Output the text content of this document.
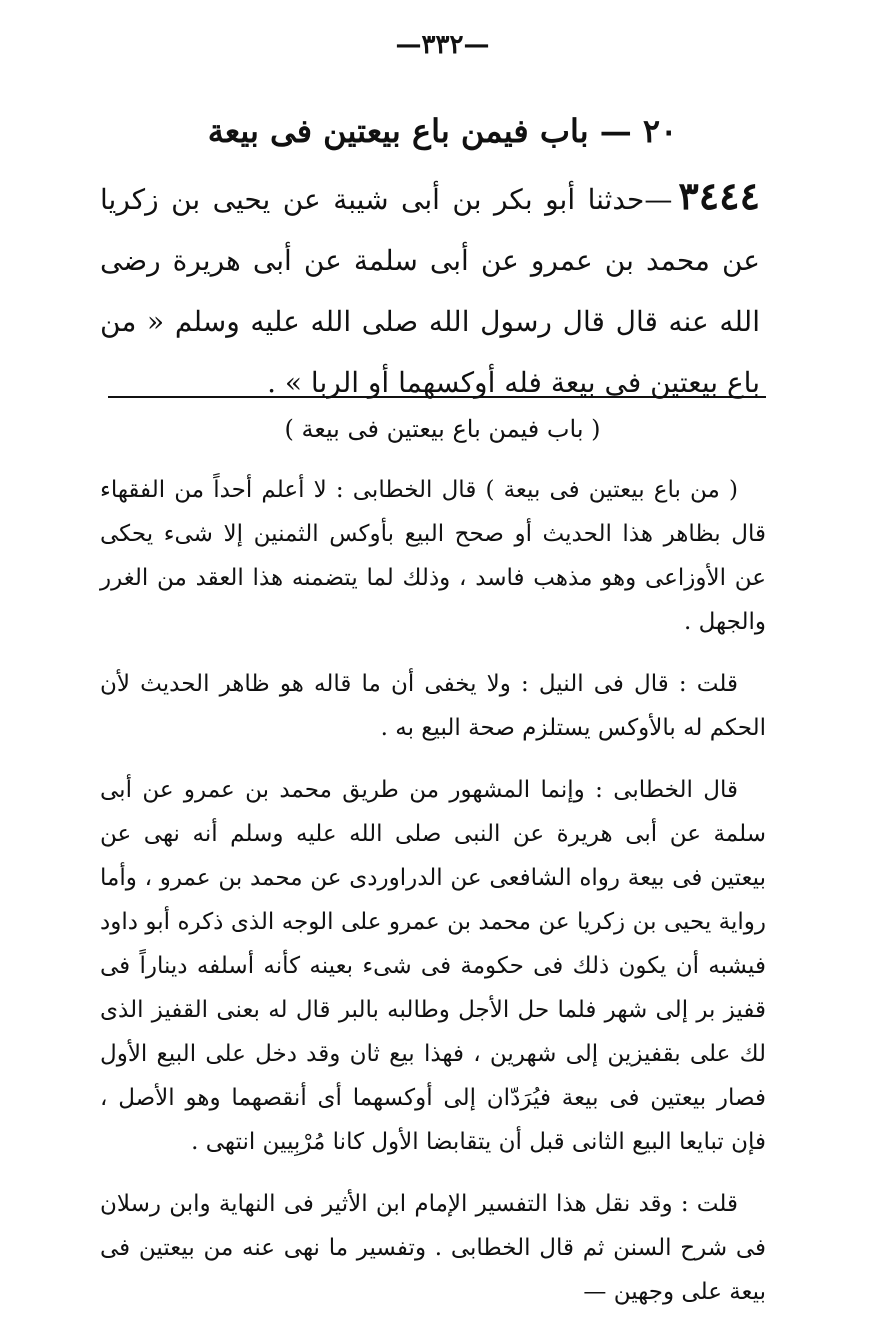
—٣٣٢—
٢٠ — باب فيمن باع بيعتين فى بيعة
٣٤٤٤—حدثنا أبو بكر بن أبى شيبة عن يحيى بن زكريا عن محمد بن عمرو عن أبى سلمة عن أبى هريرة رضى الله عنه قال قال رسول الله صلى الله عليه وسلم « من باع بيعتين فى بيعة فله أوكسهما أو الربا » .
( باب فيمن باع بيعتين فى بيعة )

( من باع بيعتين فى بيعة ) قال الخطابى : لا أعلم أحداً من الفقهاء قال بظاهر هذا الحديث أو صحح البيع بأوكس الثمنين إلا شىء يحكى عن الأوزاعى وهو مذهب فاسد ، وذلك لما يتضمنه هذا العقد من الغرر والجهل .

قلت : قال فى النيل : ولا يخفى أن ما قاله هو ظاهر الحديث لأن الحكم له بالأوكس يستلزم صحة البيع به .

قال الخطابى : وإنما المشهور من طريق محمد بن عمرو عن أبى سلمة عن أبى هريرة عن النبى صلى الله عليه وسلم أنه نهى عن بيعتين فى بيعة رواه الشافعى عن الدراوردى عن محمد بن عمرو ، وأما رواية يحيى بن زكريا عن محمد بن عمرو على الوجه الذى ذكره أبو داود فيشبه أن يكون ذلك فى حكومة فى شىء بعينه كأنه أسلفه ديناراً فى قفيز بر إلى شهر فلما حل الأجل وطالبه بالبر قال له بعنى القفيز الذى لك على بقفيزين إلى شهرين ، فهذا بيع ثان وقد دخل على البيع الأول فصار بيعتين فى بيعة فيُرَدّان إلى أوكسهما أى أنقصهما وهو الأصل ، فإن تبايعا البيع الثانى قبل أن يتقابضا الأول كانا مُرْبِيين انتهى .

قلت : وقد نقل هذا التفسير الإمام ابن الأثير فى النهاية وابن رسلان فى شرح السنن ثم قال الخطابى . وتفسير ما نهى عنه من بيعتين فى بيعة على وجهين —
